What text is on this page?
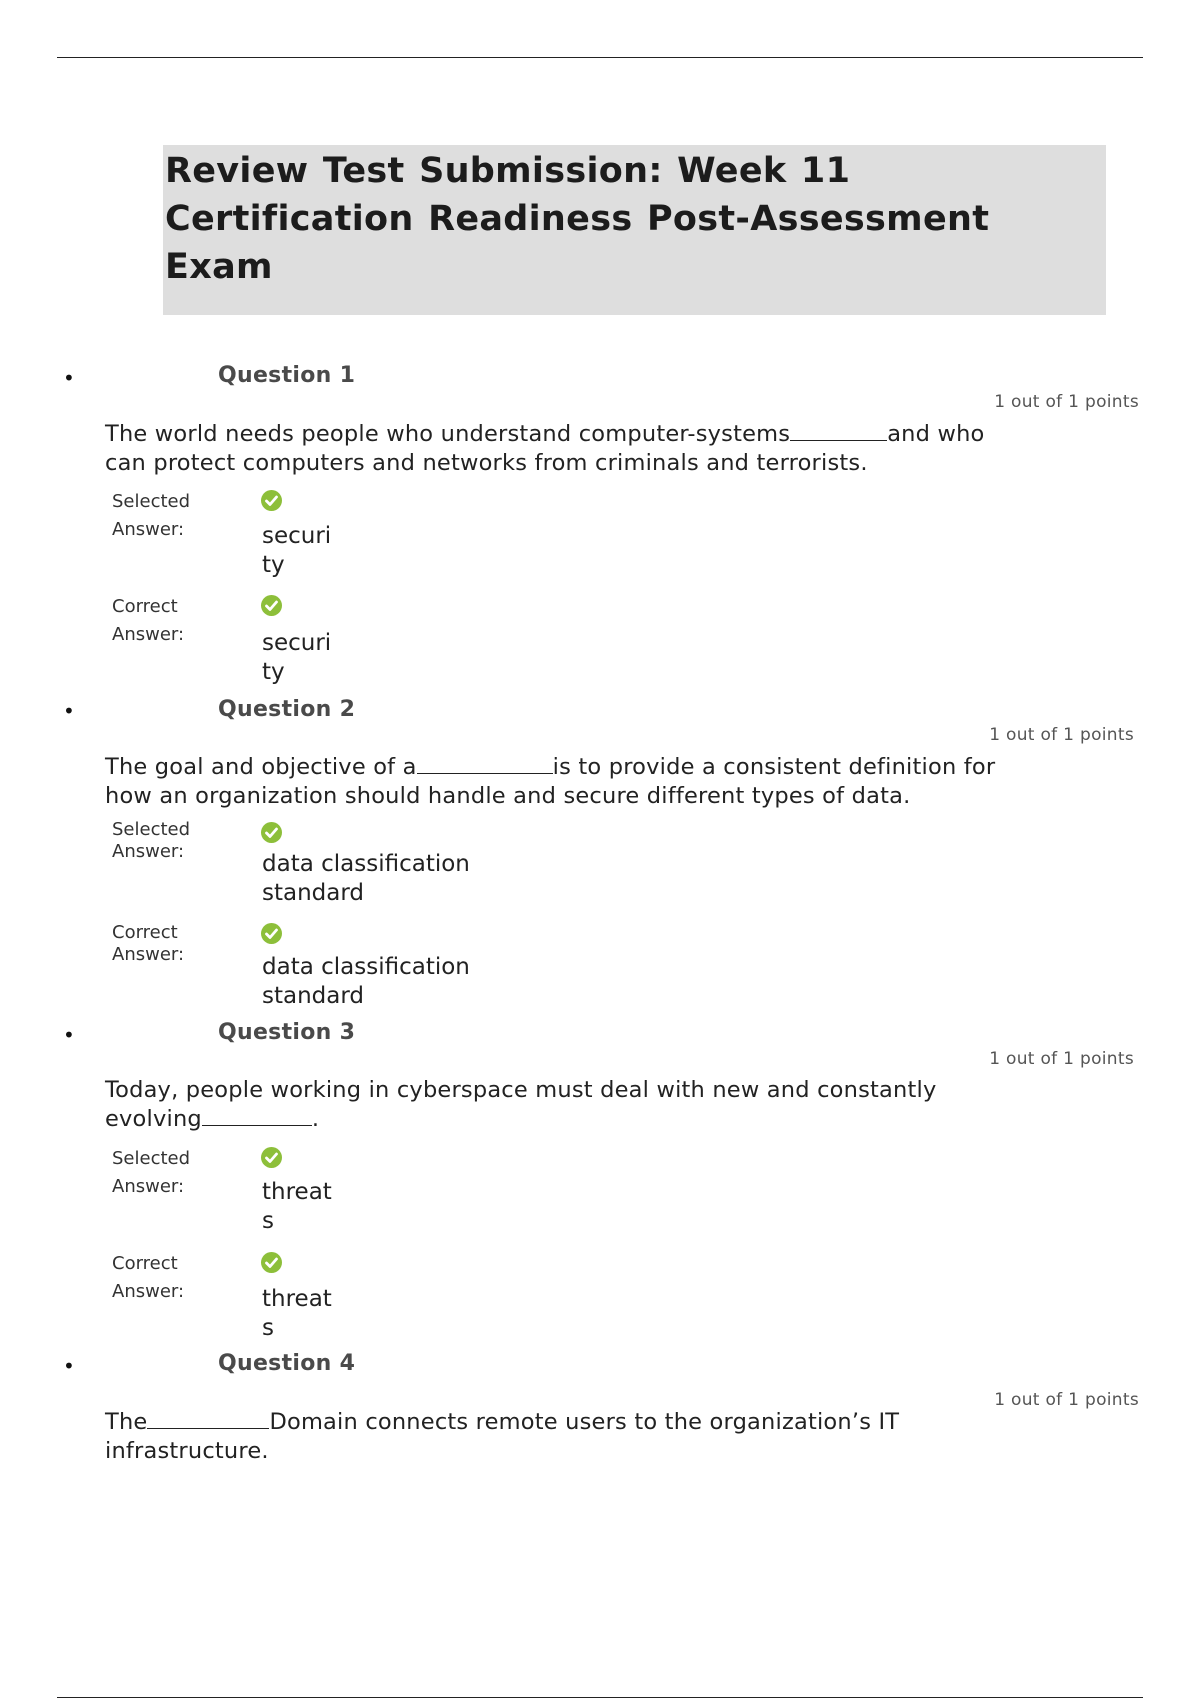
Review Test Submission: Week 11 Certification Readiness Post-Assessment Exam
•	Question 1
1 out of 1 points
The world needs people who understand computer-systems	and who can protect computers and networks from criminals and terrorists.
Selected
Answer:	security
Correct
Answer:	security
•	Question 2
1 out of 1 points
The goal and objective of a	is to provide a consistent definition for how an organization should handle and secure different types of data.
Selected
Answer:	data classification standard
Correct
Answer:	data classification standard
•	Question 3
1 out of 1 points
Today, people working in cyberspace must deal with new and constantly evolving	.
Selected
Answer:	threats
Correct
Answer:	threats
•	Question 4
1 out of 1 points
The	Domain connects remote users to the organization’s IT infrastructure.
